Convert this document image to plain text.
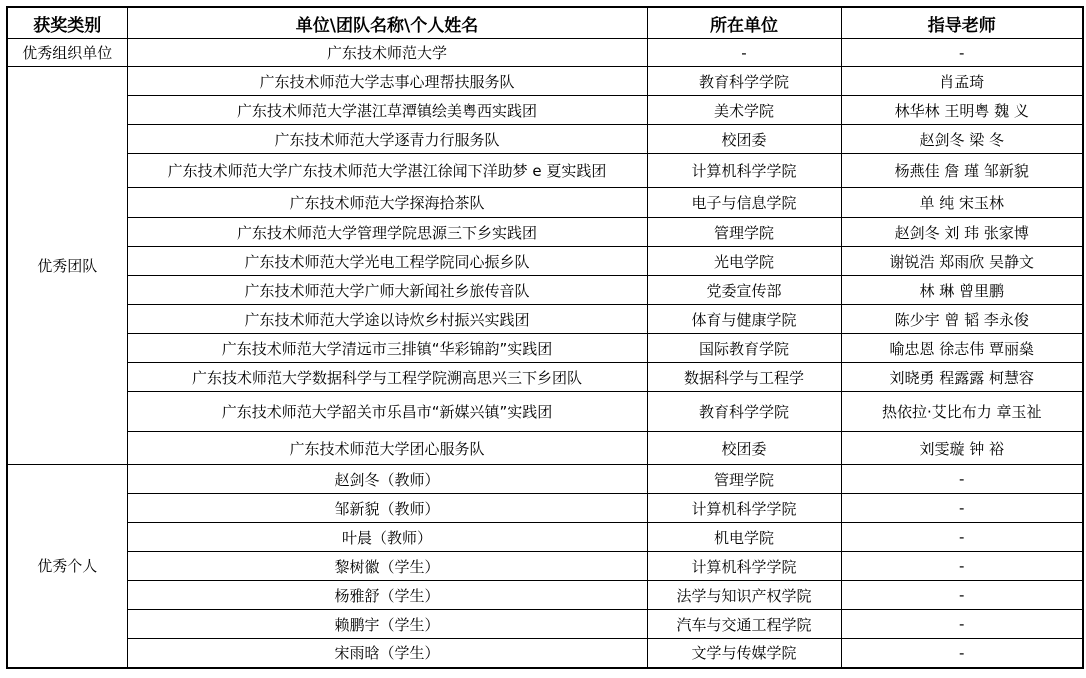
获奖类别	单位\团队名称\个人姓名	所在单位	指导老师
优秀组织单位	广东技术师范大学	-	-
优秀团队	广东技术师范大学志事心理帮扶服务队	教育科学学院	肖孟琦
	广东技术师范大学湛江草潭镇绘美粤西实践团	美术学院	林华林 王明粤 魏 义
	广东技术师范大学逐青力行服务队	校团委	赵剑冬 梁 冬
	广东技术师范大学广东技术师范大学湛江徐闻下洋助梦 e 夏实践团	计算机科学学院	杨燕佳 詹 瑾 邹新貌
	广东技术师范大学探海拾茶队	电子与信息学院	单 纯 宋玉林
	广东技术师范大学管理学院思源三下乡实践团	管理学院	赵剑冬 刘 玮 张家博
	广东技术师范大学光电工程学院同心振乡队	光电学院	谢锐浩 郑雨欣 吴静文
	广东技术师范大学广师大新闻社乡旅传音队	党委宣传部	林 琳 曾里鹏
	广东技术师范大学途以诗炊乡村振兴实践团	体育与健康学院	陈少宇 曾 韬 李永俊
	广东技术师范大学清远市三排镇“华彩锦韵”实践团	国际教育学院	喻忠恩 徐志伟 覃丽燊
	广东技术师范大学数据科学与工程学院溯高思兴三下乡团队	数据科学与工程学	刘晓勇 程露露 柯慧容
	广东技术师范大学韶关市乐昌市“新媒兴镇”实践团	教育科学学院	热依拉·艾比布力 章玉祉
	广东技术师范大学团心服务队	校团委	刘雯璇 钟 裕
优秀个人	赵剑冬（教师）	管理学院	-
	邹新貌（教师）	计算机科学学院	-
	叶晨（教师）	机电学院	-
	黎树徽（学生）	计算机科学学院	-
	杨雅舒（学生）	法学与知识产权学院	-
	赖鹏宇（学生）	汽车与交通工程学院	-
	宋雨晗（学生）	文学与传媒学院	-
